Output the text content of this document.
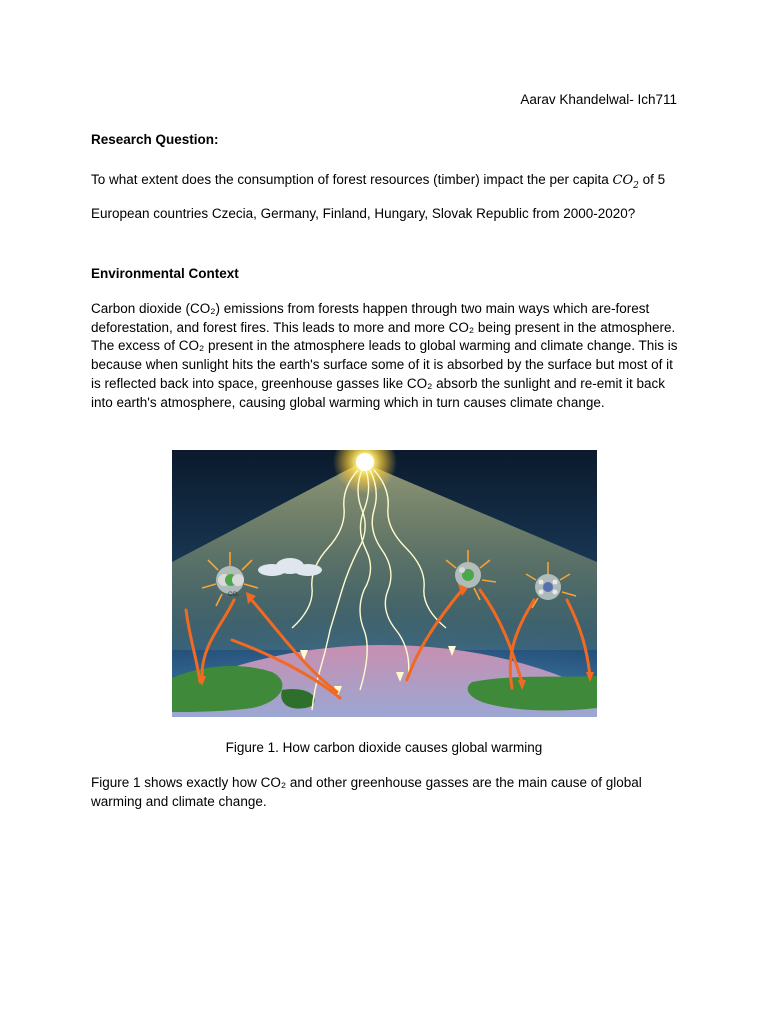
Aarav Khandelwal- Ich711
Research Question:
To what extent does the consumption of forest resources (timber) impact the per capita $CO_2$ of 5
European countries Czecia, Germany, Finland, Hungary, Slovak Republic from 2000-2020?
Environmental Context
Carbon dioxide (CO₂) emissions from forests happen through two main ways which are-forest deforestation, and forest fires. This leads to more and more CO₂ being present in the atmosphere. The excess of CO₂ present in the atmosphere leads to global warming and climate change. This is because when sunlight hits the earth's surface some of it is absorbed by the surface but most of it is reflected back into space, greenhouse gasses like CO₂ absorb the sunlight and re-emit it back into earth's atmosphere, causing global warming which in turn causes climate change.
CO₂
Figure 1. How carbon dioxide causes global warming
Figure 1 shows exactly how CO₂ and other greenhouse gasses are the main cause of global warming and climate change.
